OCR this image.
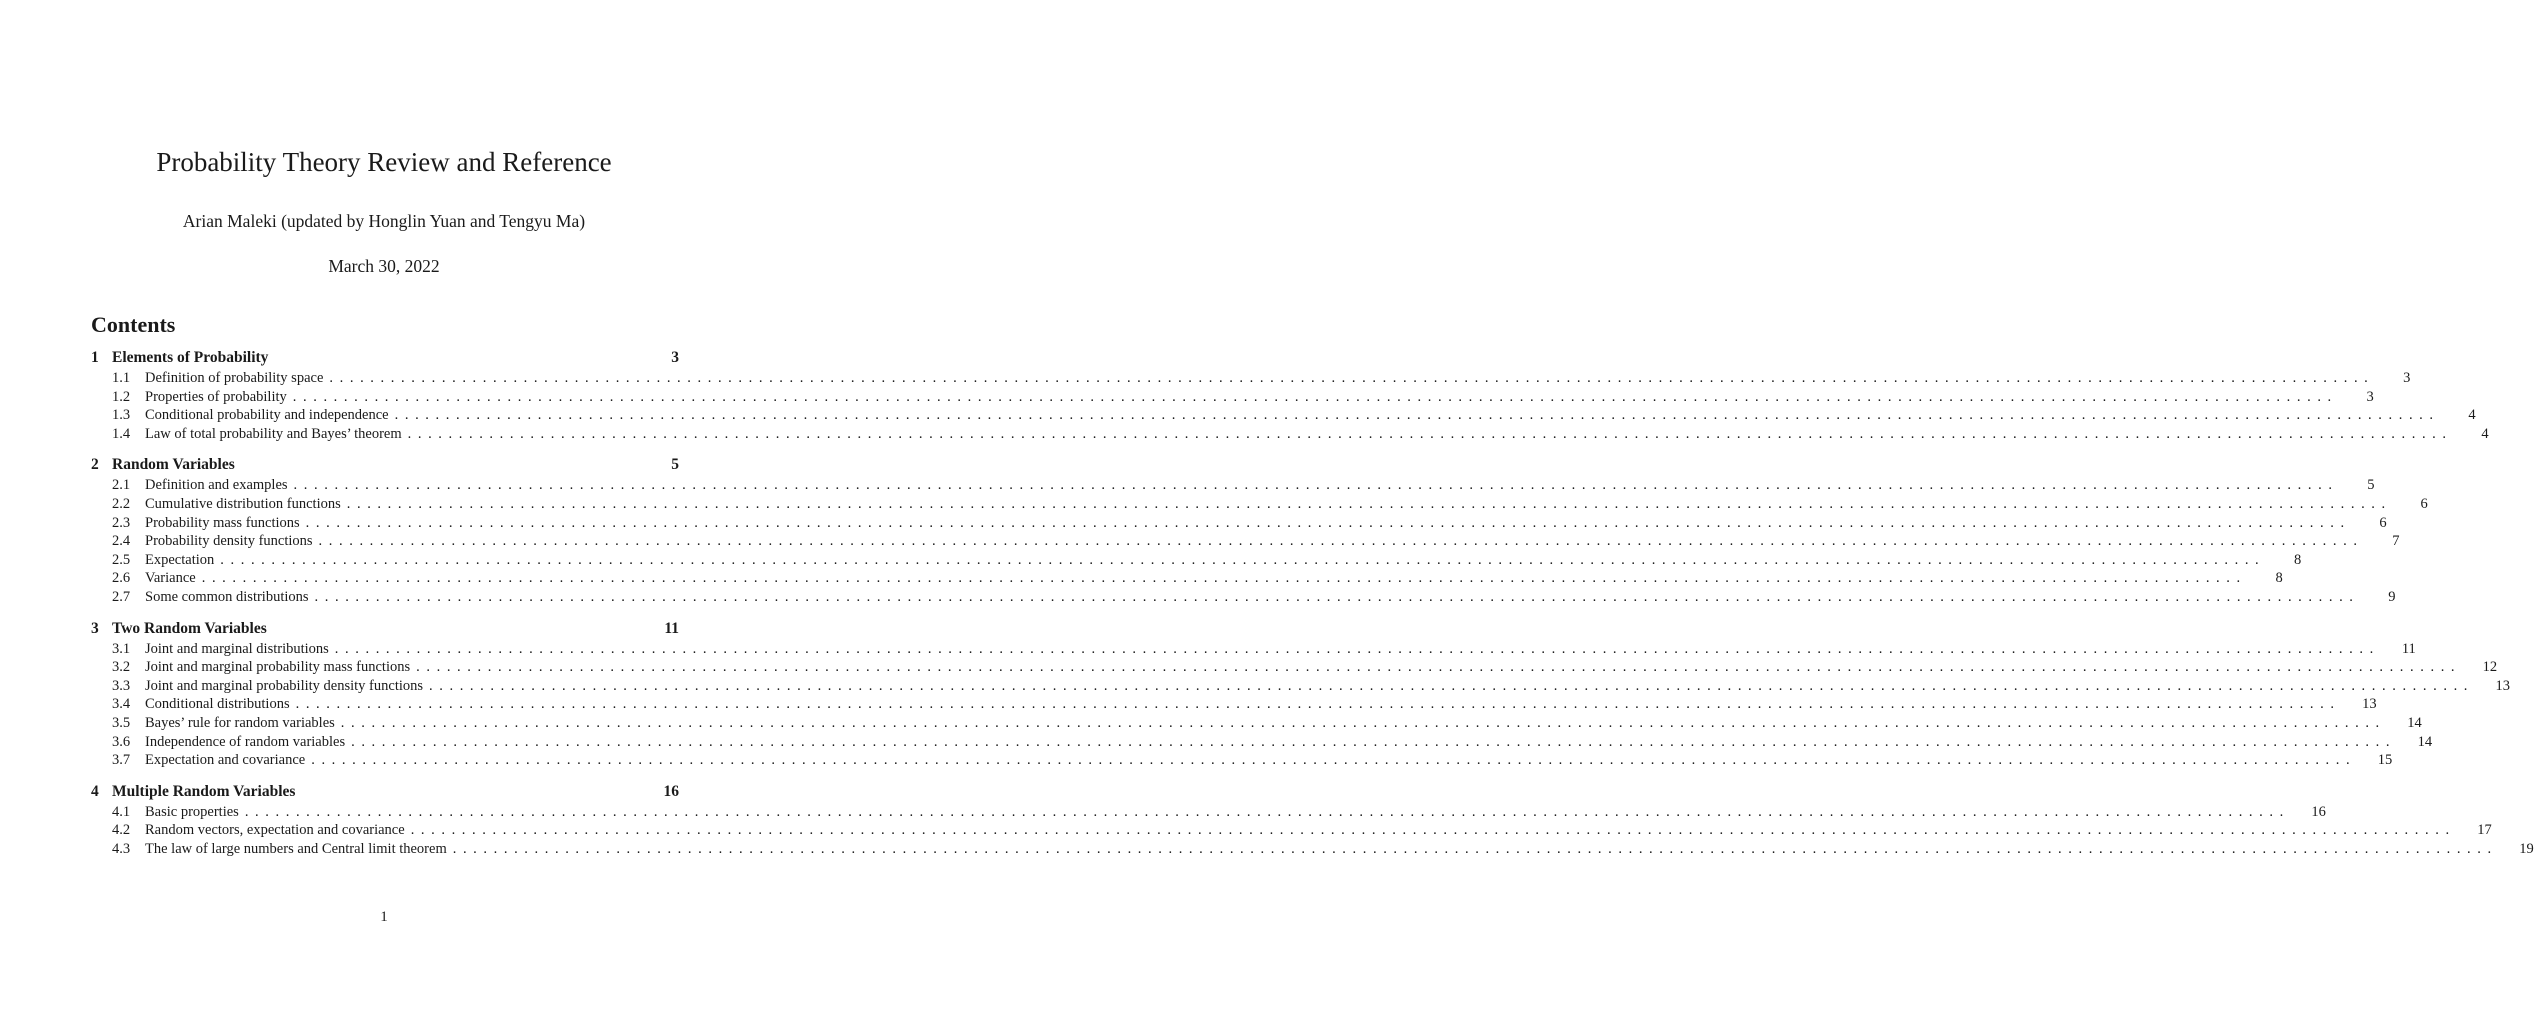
Probability Theory Review and Reference
Arian Maleki (updated by Honglin Yuan and Tengyu Ma)
March 30, 2022
Contents
1 Elements of Probability	3
1.1	Definition of probability space ........................................................................................................................................................................................................	3
1.2	Properties of probability ........................................................................................................................................................................................................	3
1.3	Conditional probability and independence ........................................................................................................................................................................................................	4
1.4	Law of total probability and Bayes’ theorem ........................................................................................................................................................................................................	4
2 Random Variables	5
2.1	Definition and examples ........................................................................................................................................................................................................	5
2.2	Cumulative distribution functions ........................................................................................................................................................................................................	6
2.3	Probability mass functions ........................................................................................................................................................................................................	6
2.4	Probability density functions ........................................................................................................................................................................................................	7
2.5	Expectation ........................................................................................................................................................................................................	8
2.6	Variance ........................................................................................................................................................................................................	8
2.7	Some common distributions ........................................................................................................................................................................................................	9
3 Two Random Variables	11
3.1	Joint and marginal distributions ........................................................................................................................................................................................................	11
3.2	Joint and marginal probability mass functions ........................................................................................................................................................................................................	12
3.3	Joint and marginal probability density functions ........................................................................................................................................................................................................	13
3.4	Conditional distributions ........................................................................................................................................................................................................	13
3.5	Bayes’ rule for random variables ........................................................................................................................................................................................................	14
3.6	Independence of random variables ........................................................................................................................................................................................................	14
3.7	Expectation and covariance ........................................................................................................................................................................................................	15
4 Multiple Random Variables	16
4.1	Basic properties ........................................................................................................................................................................................................	16
4.2	Random vectors, expectation and covariance ........................................................................................................................................................................................................	17
4.3	The law of large numbers and Central limit theorem ........................................................................................................................................................................................................	19
1
